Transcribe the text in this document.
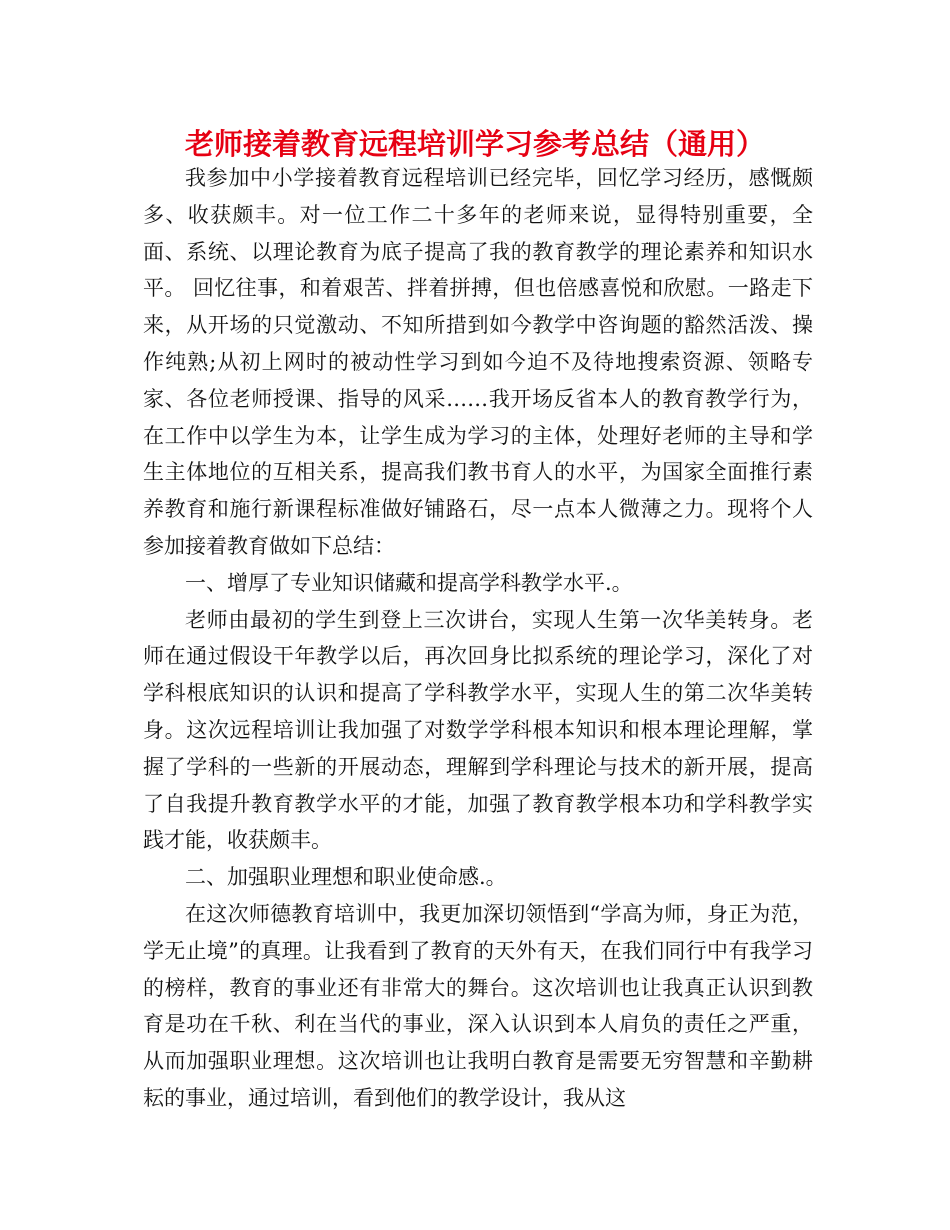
老师接着教育远程培训学习参考总结（通用）

我参加中小学接着教育远程培训已经完毕，回忆学习经历，感慨颇多、收获颇丰。对一位工作二十多年的老师来说，显得特别重要，全面、系统、以理论教育为底子提高了我的教育教学的理论素养和知识水平。 回忆往事，和着艰苦、拌着拼搏，但也倍感喜悦和欣慰。一路走下来，从开场的只觉激动、不知所措到如今教学中咨询题的豁然活泼、操作纯熟;从初上网时的被动性学习到如今迫不及待地搜索资源、领略专家、各位老师授课、指导的风采……我开场反省本人的教育教学行为，在工作中以学生为本，让学生成为学习的主体，处理好老师的主导和学生主体地位的互相关系，提高我们教书育人的水平，为国家全面推行素养教育和施行新课程标准做好铺路石，尽一点本人微薄之力。现将个人参加接着教育做如下总结：

一、增厚了专业知识储藏和提高学科教学水平.。

老师由最初的学生到登上三次讲台，实现人生第一次华美转身。老师在通过假设干年教学以后，再次回身比拟系统的理论学习，深化了对学科根底知识的认识和提高了学科教学水平，实现人生的第二次华美转身。这次远程培训让我加强了对数学学科根本知识和根本理论理解，掌握了学科的一些新的开展动态，理解到学科理论与技术的新开展，提高了自我提升教育教学水平的才能，加强了教育教学根本功和学科教学实践才能，收获颇丰。

二、加强职业理想和职业使命感.。

在这次师德教育培训中，我更加深切领悟到“学高为师，身正为范，学无止境”的真理。让我看到了教育的天外有天，在我们同行中有我学习的榜样，教育的事业还有非常大的舞台。这次培训也让我真正认识到教育是功在千秋、利在当代的事业，深入认识到本人肩负的责任之严重，从而加强职业理想。这次培训也让我明白教育是需要无穷智慧和辛勤耕耘的事业，通过培训，看到他们的教学设计，我从这
